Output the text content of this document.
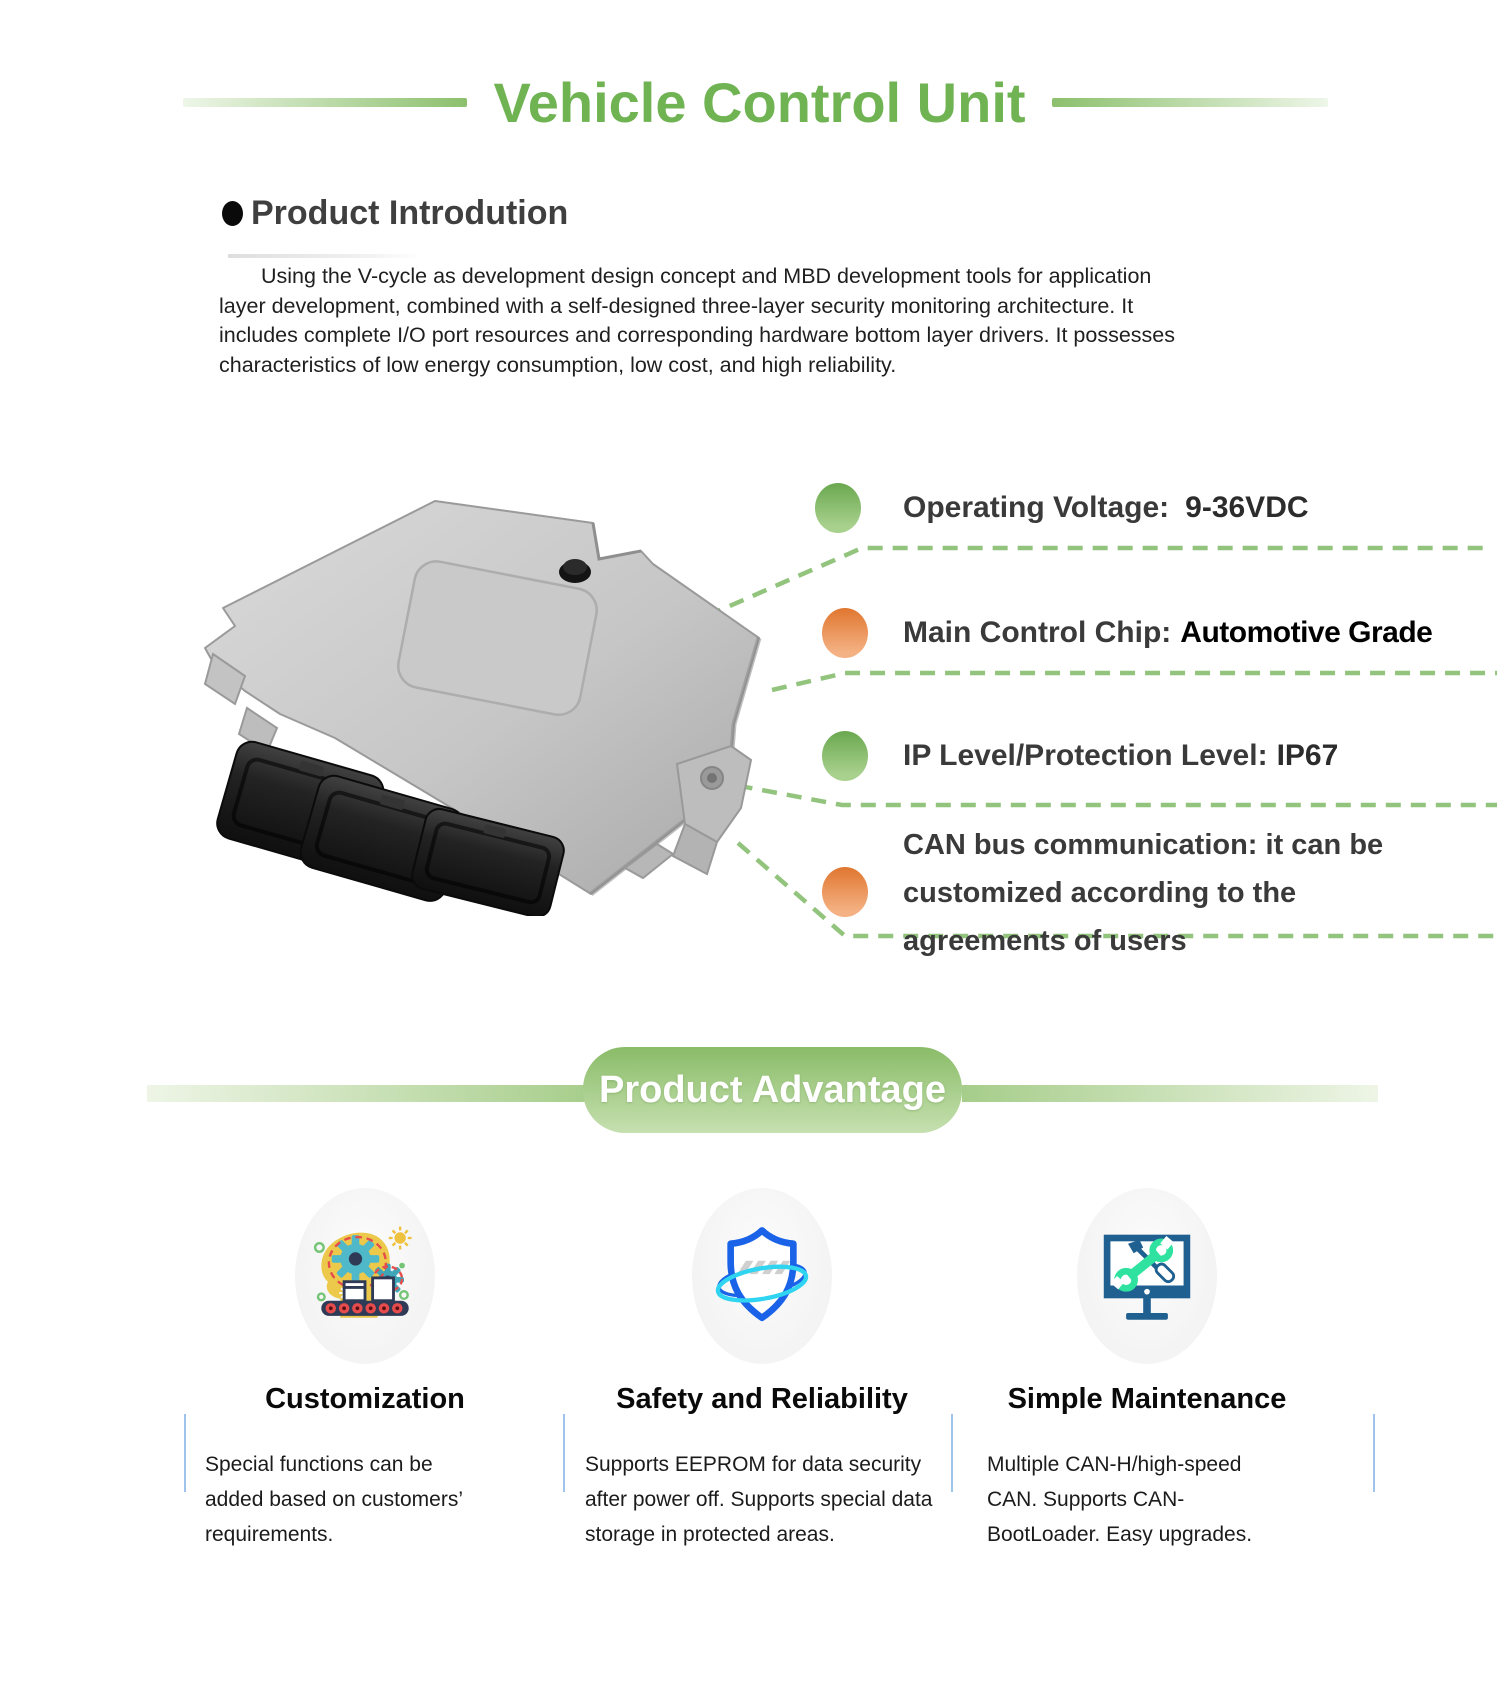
Vehicle Control Unit
Product Introdution
Using the V-cycle as development design concept and MBD development tools for application
layer development, combined with a self-designed three-layer security monitoring architecture. It
includes complete I/O port resources and corresponding hardware bottom layer drivers. It possesses
characteristics of low energy consumption, low cost, and high reliability.
Operating Voltage: 9-36VDC
Main Control Chip: Automotive Grade
IP Level/Protection Level: IP67
CAN bus communication: it can be
customized according to the
agreements of users
Product Advantage
Customization	Safety and Reliability	Simple Maintenance
Special functions can be
added based on customers’
requirements.
Supports EEPROM for data security
after power off. Supports special data
storage in protected areas.
Multiple CAN-H/high-speed
CAN. Supports CAN-
BootLoader. Easy upgrades.
